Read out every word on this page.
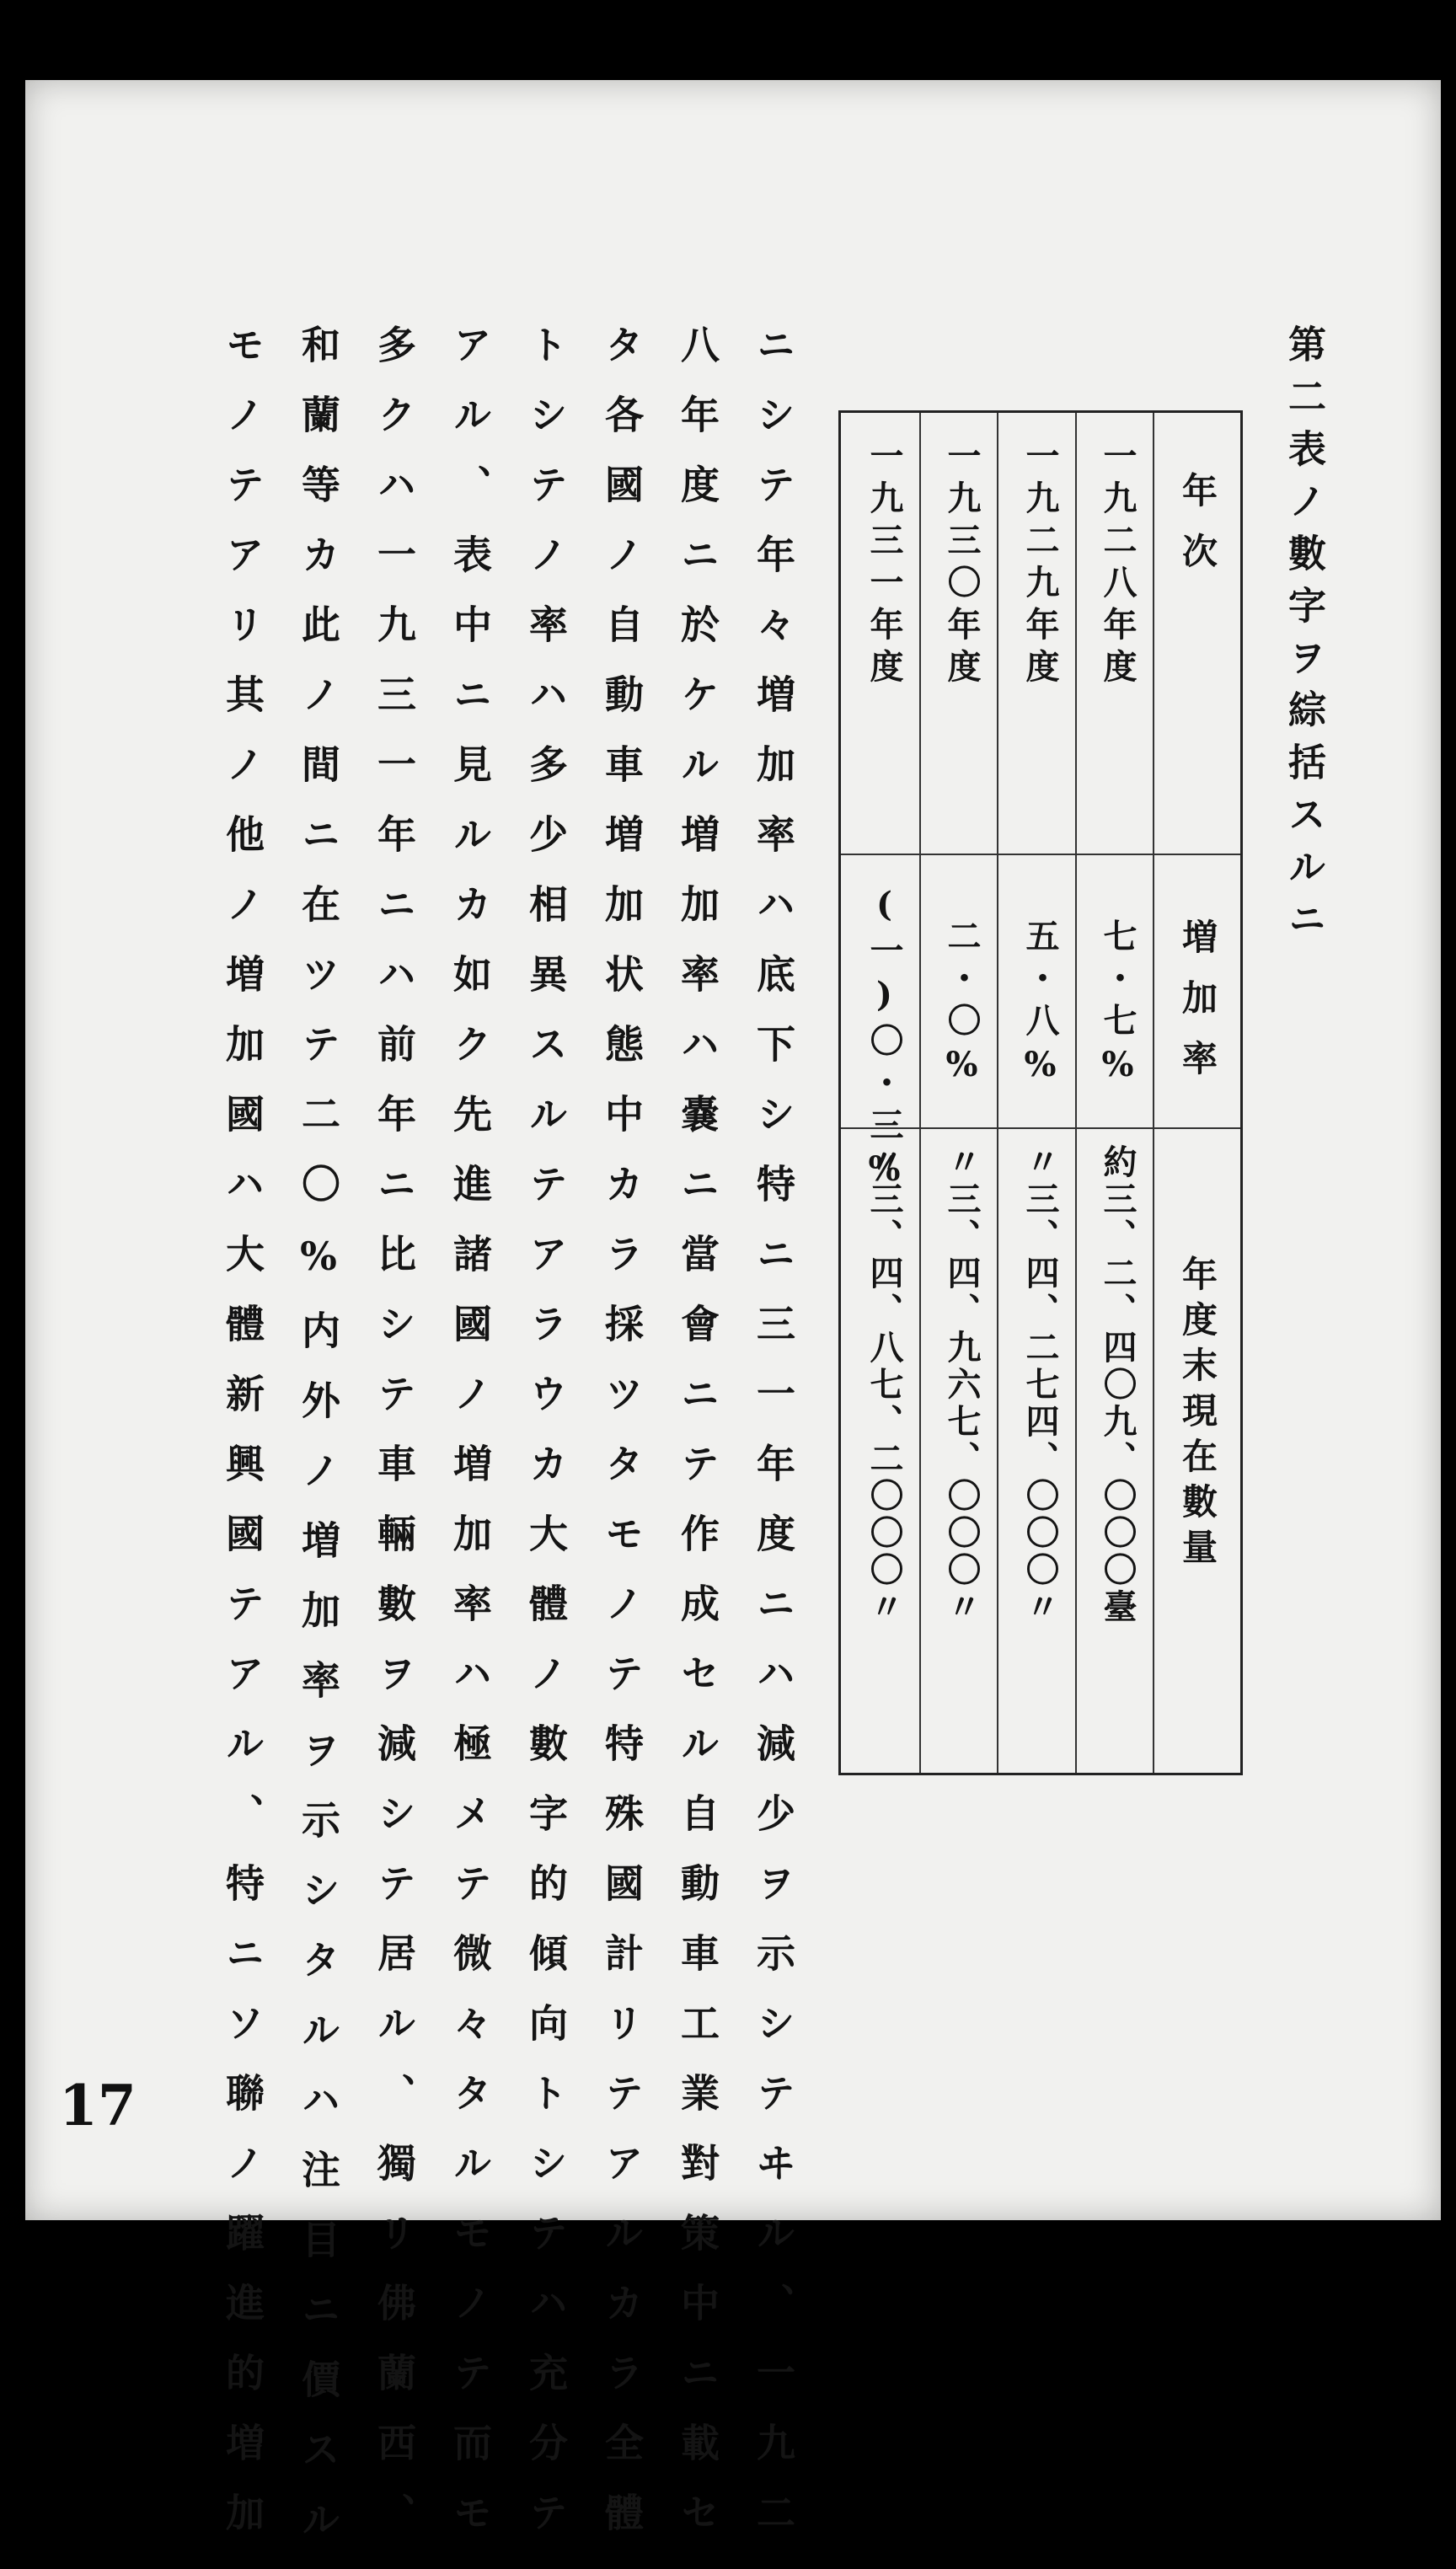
第二表ノ數字ヲ綜括スルニ
年次
増加率
年度末現在數量
一九二八年度
七・七%
約三、二、四〇九、〇〇〇臺
一九二九年度
五・八%
〃三、四、二七四、〇〇〇〃
一九三〇年度
二・〇%
〃三、四、九六七、〇〇〇〃
一九三一年度
(一)〇・三%
〃三、四、八七、二〇〇〇〃
ニシテ年々増加率ハ底下シ特ニ三一年度ニハ減少ヲ示シテヰル、一九二
八年度ニ於ケル増加率ハ嚢ニ當會ニテ作成セル自動車工業對策中ニ載セ
タ各國ノ自動車増加状態中カラ採ツタモノテ特殊國計リテアルカラ全體
トシテノ率ハ多少相異スルテアラウカ大體ノ數字的傾向トシテハ充分テ
アル、表中ニ見ルカ如ク先進諸國ノ増加率ハ極メテ微々タルモノテ而モ
多クハ一九三一年ニハ前年ニ比シテ車輛數ヲ減シテ居ル、獨リ佛蘭西、
和蘭等カ此ノ間ニ在ツテ二〇%内外ノ増加率ヲ示シタルハ注目ニ價スル
モノテアリ其ノ他ノ増加國ハ大體新興國テアル、特ニソ聯ノ躍進的増加
17
